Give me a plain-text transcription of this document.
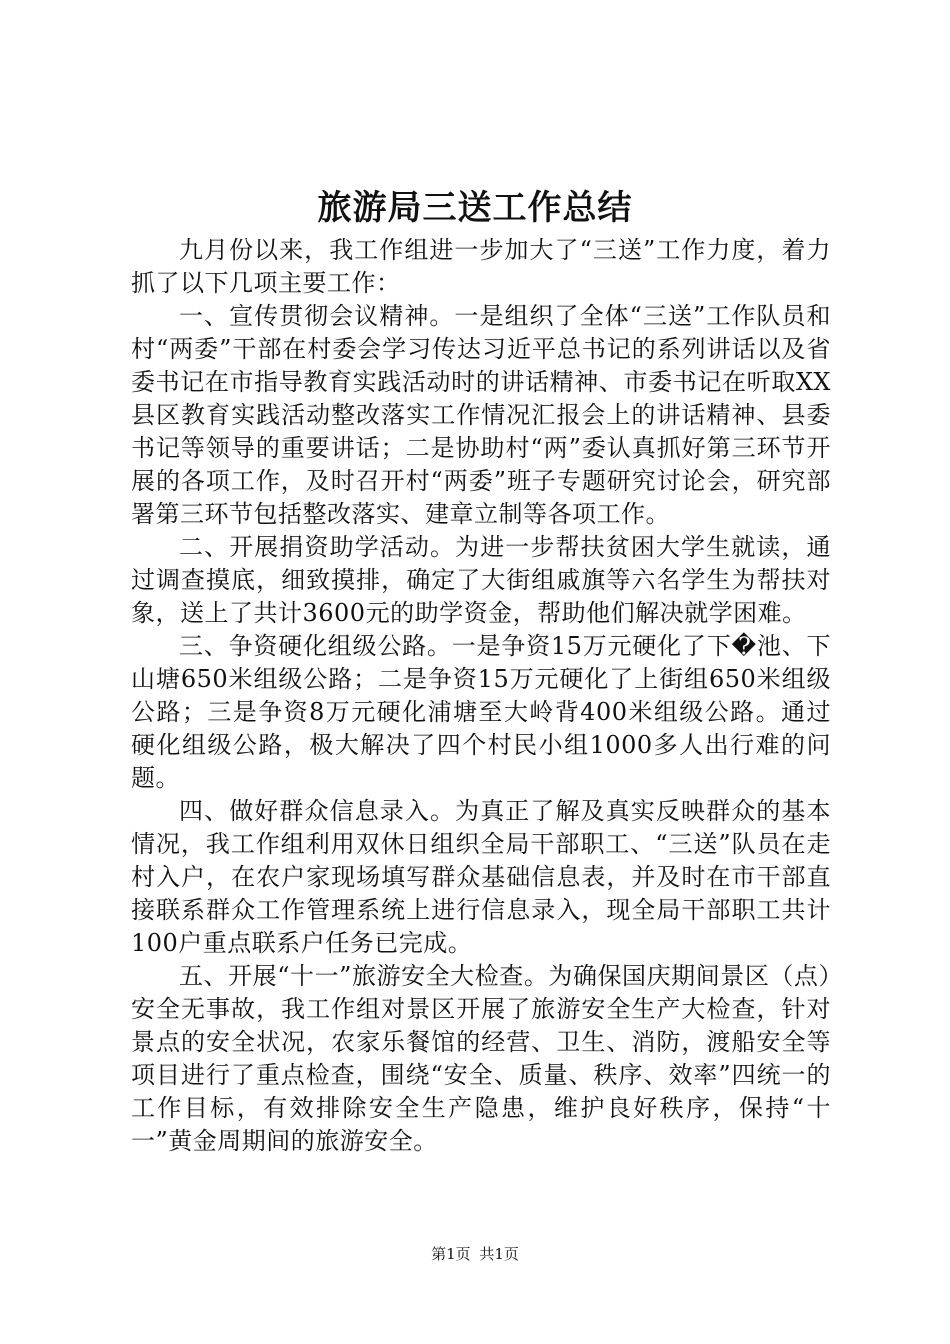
旅游局三送工作总结

九月份以来，我工作组进一步加大了“三送”工作力度，着力抓了以下几项主要工作：

一、宣传贯彻会议精神。一是组织了全体“三送”工作队员和村“两委”干部在村委会学习传达习近平总书记的系列讲话以及省委书记在市指导教育实践活动时的讲话精神、市委书记在听取XX县区教育实践活动整改落实工作情况汇报会上的讲话精神、县委书记等领导的重要讲话；二是协助村“两”委认真抓好第三环节开展的各项工作，及时召开村“两委”班子专题研究讨论会，研究部署第三环节包括整改落实、建章立制等各项工作。

二、开展捐资助学活动。为进一步帮扶贫困大学生就读，通过调查摸底，细致摸排，确定了大街组戚旗等六名学生为帮扶对象，送上了共计3600元的助学资金，帮助他们解决就学困难。

三、争资硬化组级公路。一是争资15万元硬化了下�池、下山塘650米组级公路；二是争资15万元硬化了上街组650米组级公路；三是争资8万元硬化浦塘至大岭背400米组级公路。通过硬化组级公路，极大解决了四个村民小组1000多人出行难的问题。

四、做好群众信息录入。为真正了解及真实反映群众的基本情况，我工作组利用双休日组织全局干部职工、“三送”队员在走村入户，在农户家现场填写群众基础信息表，并及时在市干部直接联系群众工作管理系统上进行信息录入，现全局干部职工共计100户重点联系户任务已完成。

五、开展“十一”旅游安全大检查。为确保国庆期间景区（点）安全无事故，我工作组对景区开展了旅游安全生产大检查，针对景点的安全状况，农家乐餐馆的经营、卫生、消防，渡船安全等项目进行了重点检查，围绕“安全、质量、秩序、效率”四统一的工作目标，有效排除安全生产隐患，维护良好秩序，保持“十一”黄金周期间的旅游安全。

第1页 共1页
